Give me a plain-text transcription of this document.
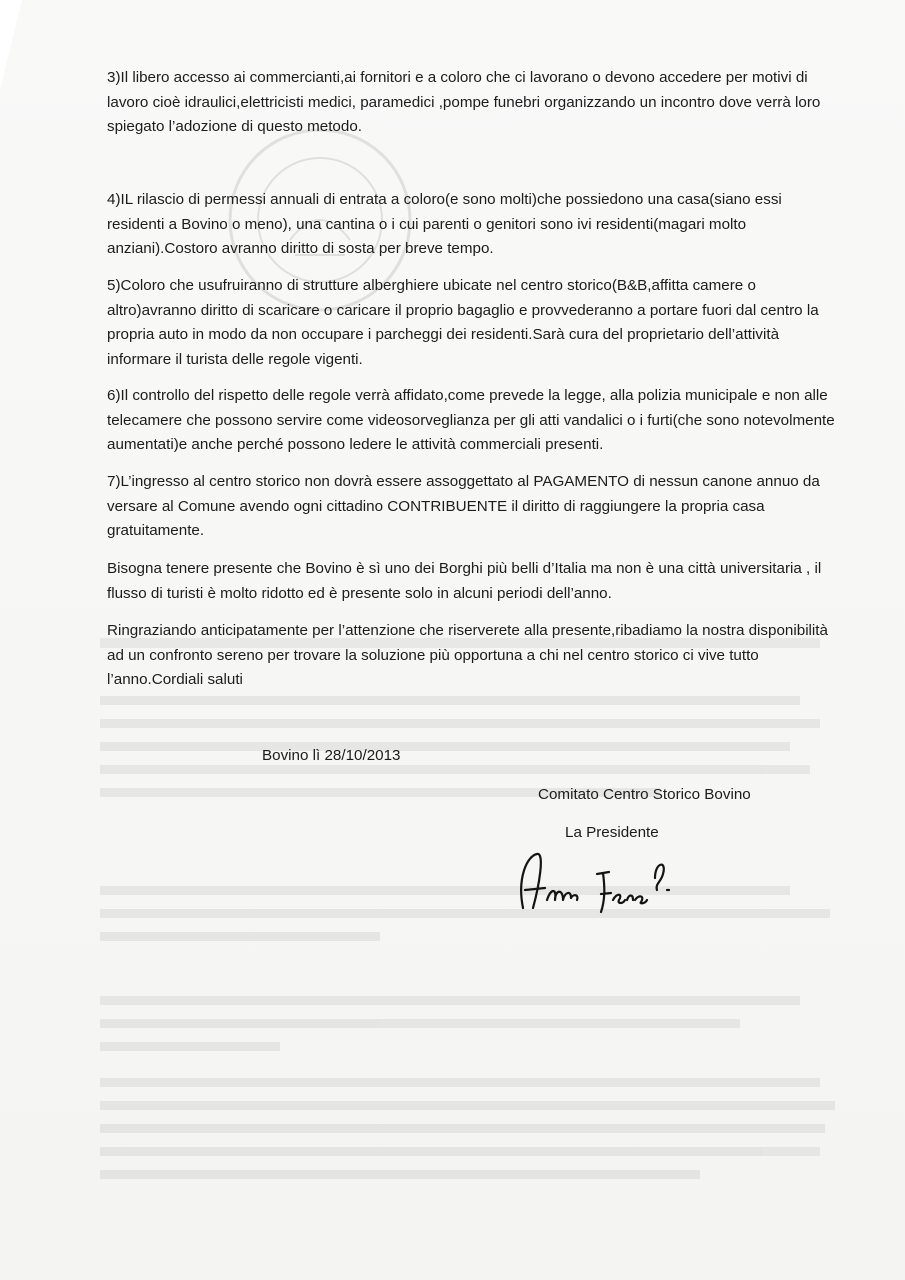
3)Il libero accesso ai commercianti,ai fornitori e a coloro che ci lavorano o devono accedere per motivi di lavoro cioè idraulici,elettricisti medici, paramedici ,pompe funebri organizzando un incontro dove verrà loro spiegato l’adozione di questo metodo.

4)IL rilascio di permessi annuali di entrata a coloro(e sono molti)che possiedono una casa(siano essi residenti a Bovino o meno), una cantina o i cui parenti o genitori sono ivi residenti(magari molto anziani).Costoro avranno diritto di sosta per breve tempo.

5)Coloro che usufruiranno di strutture alberghiere ubicate nel centro storico(B&B,affitta camere o altro)avranno diritto di scaricare o caricare il proprio bagaglio e provvederanno a portare fuori dal centro la propria auto in modo da non occupare i parcheggi dei residenti.Sarà cura del proprietario dell’attività informare il turista delle regole vigenti.

6)Il controllo del rispetto delle regole verrà affidato,come prevede la legge, alla polizia municipale e non alle telecamere che possono servire come videosorveglianza per gli atti vandalici o i furti(che sono notevolmente aumentati)e anche perché possono ledere le attività commerciali presenti.

7)L’ingresso al centro storico non dovrà essere assoggettato al PAGAMENTO di nessun canone annuo da versare al Comune avendo ogni cittadino CONTRIBUENTE il diritto di raggiungere la propria casa gratuitamente.

Bisogna tenere presente che Bovino è sì uno dei Borghi più belli d’Italia ma non è una città universitaria , il flusso di turisti è molto ridotto ed è presente solo in alcuni periodi dell’anno.

Ringraziando anticipatamente per l’attenzione che riserverete alla presente,ribadiamo la nostra disponibilità ad un confronto sereno per trovare la soluzione più opportuna a chi nel centro storico ci vive tutto l’anno.Cordiali saluti

Bovino lì 28/10/2013
Comitato Centro Storico Bovino
La Presidente
